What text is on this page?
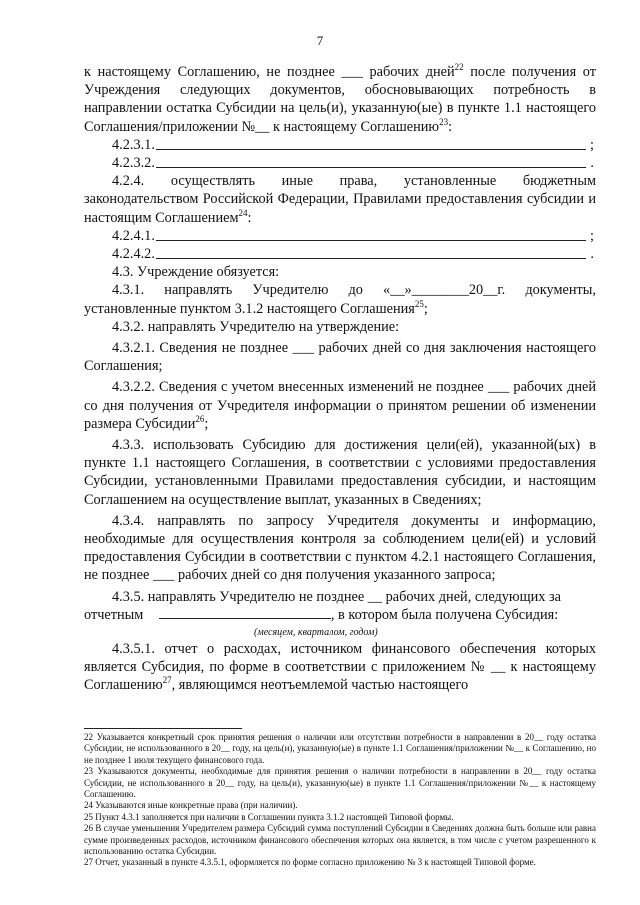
7

к настоящему Соглашению, не позднее ___ рабочих дней$^{22}$ после получения от Учреждения следующих документов, обосновывающих потребность в направлении остатка Субсидии на цель(и), указанную(ые) в пункте 1.1 настоящего Соглашения/приложении №__ к настоящему Соглашению$^{23}$:

4.2.3.1.	;
4.2.3.2.	.

4.2.4. осуществлять иные права, установленные бюджетным законодательством Российской Федерации, Правилами предоставления субсидии и настоящим Соглашением$^{24}$:

4.2.4.1.	;
4.2.4.2.	.

4.3. Учреждение обязуется:

4.3.1. направлять Учредителю до «__»________20__г. документы, установленные пунктом 3.1.2 настоящего Соглашения$^{25}$;

4.3.2. направлять Учредителю на утверждение:

4.3.2.1. Сведения не позднее ___ рабочих дней со дня заключения настоящего Соглашения;

4.3.2.2. Сведения с учетом внесенных изменений не позднее ___ рабочих дней со дня получения от Учредителя информации о принятом решении об изменении размера Субсидии$^{26}$;

4.3.3. использовать Субсидию для достижения цели(ей), указанной(ых) в пункте 1.1 настоящего Соглашения, в соответствии с условиями предоставления Субсидии, установленными Правилами предоставления субсидии, и настоящим Соглашением на осуществление выплат, указанных в Сведениях;

4.3.4. направлять по запросу Учредителя документы и информацию, необходимые для осуществления контроля за соблюдением цели(ей) и условий предоставления Субсидии в соответствии с пунктом 4.2.1 настоящего Соглашения, не позднее ___ рабочих дней со дня получения указанного запроса;

4.3.5. направлять Учредителю не позднее __ рабочих дней, следующих за

отчетным	, в котором была получена Субсидия:
(месяцем, кварталом, годом)

4.3.5.1. отчет о расходах, источником финансового обеспечения которых является Субсидия, по форме в соответствии с приложением № __ к настоящему Соглашению$^{27}$, являющимся неотъемлемой частью настоящего

22 Указывается конкретный срок принятия решения о наличии или отсутствии потребности в направлении в 20__ году остатка Субсидии, не использованного в 20__ году, на цель(и), указанную(ые) в пункте 1.1 Соглашения/приложении №__ к Соглашению, но не позднее 1 июля текущего финансового года.

23 Указываются документы, необходимые для принятия решения о наличии потребности в направлении в 20__ году остатка Субсидии, не использованного в 20__ году, на цель(и), указанную(ые) в пункте 1.1 Соглашения/приложении №__ к настоящему Соглашению.

24 Указываются иные конкретные права (при наличии).

25 Пункт 4.3.1 заполняется при наличии в Соглашении пункта 3.1.2 настоящей Типовой формы.

26 В случае уменьшения Учредителем размера Субсидий сумма поступлений Субсидии в Сведениях должна быть больше или равна сумме произведенных расходов, источником финансового обеспечения которых она является, в том числе с учетом разрешенного к использованию остатка Субсидии.

27 Отчет, указанный в пункте 4.3.5.1, оформляется по форме согласно приложению № 3 к настоящей Типовой форме.
